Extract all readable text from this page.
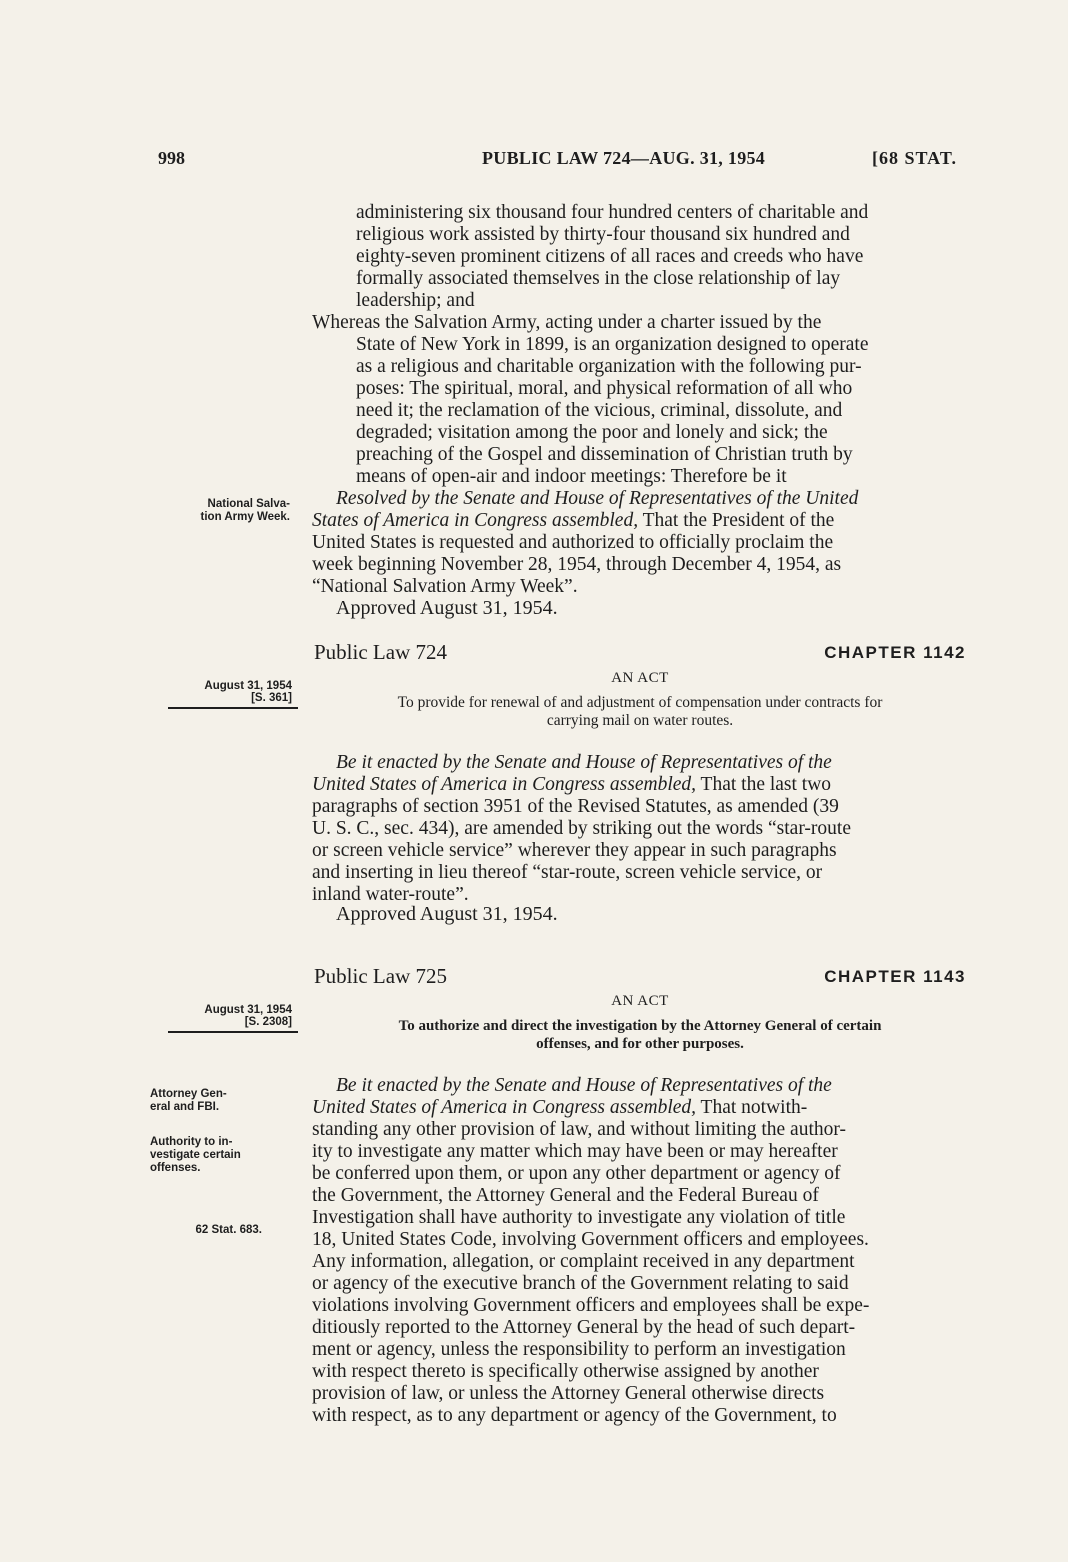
998	PUBLIC LAW 724—AUG. 31, 1954	[68 STAT.
administering six thousand four hundred centers of charitable and
religious work assisted by thirty-four thousand six hundred and
eighty-seven prominent citizens of all races and creeds who have
formally associated themselves in the close relationship of lay
leadership; and
Whereas the Salvation Army, acting under a charter issued by the
State of New York in 1899, is an organization designed to operate
as a religious and charitable organization with the following pur-
poses: The spiritual, moral, and physical reformation of all who
need it; the reclamation of the vicious, criminal, dissolute, and
degraded; visitation among the poor and lonely and sick; the
preaching of the Gospel and dissemination of Christian truth by
means of open-air and indoor meetings: Therefore be it
National Salva-
tion Army Week.
Resolved by the Senate and House of Representatives of the United
States of America in Congress assembled, That the President of the
United States is requested and authorized to officially proclaim the
week beginning November 28, 1954, through December 4, 1954, as
“National Salvation Army Week”.
Approved August 31, 1954.
Public Law 724	CHAPTER 1142
AN ACT
August 31, 1954
[S. 361]	To provide for renewal of and adjustment of compensation under contracts for
carrying mail on water routes.
Be it enacted by the Senate and House of Representatives of the
United States of America in Congress assembled, That the last two
paragraphs of section 3951 of the Revised Statutes, as amended (39
U. S. C., sec. 434), are amended by striking out the words “star-route
or screen vehicle service” wherever they appear in such paragraphs
and inserting in lieu thereof “star-route, screen vehicle service, or
inland water-route”.
Approved August 31, 1954.
Public Law 725	CHAPTER 1143
AN ACT
August 31, 1954
[S. 2308]	To authorize and direct the investigation by the Attorney General of certain
offenses, and for other purposes.
Attorney Gen-
eral and FBI.
Authority to in-
vestigate certain
offenses.
62 Stat. 683.
Be it enacted by the Senate and House of Representatives of the
United States of America in Congress assembled, That notwith-
standing any other provision of law, and without limiting the author-
ity to investigate any matter which may have been or may hereafter
be conferred upon them, or upon any other department or agency of
the Government, the Attorney General and the Federal Bureau of
Investigation shall have authority to investigate any violation of title
18, United States Code, involving Government officers and employees.
Any information, allegation, or complaint received in any department
or agency of the executive branch of the Government relating to said
violations involving Government officers and employees shall be expe-
ditiously reported to the Attorney General by the head of such depart-
ment or agency, unless the responsibility to perform an investigation
with respect thereto is specifically otherwise assigned by another
provision of law, or unless the Attorney General otherwise directs
with respect, as to any department or agency of the Government, to
